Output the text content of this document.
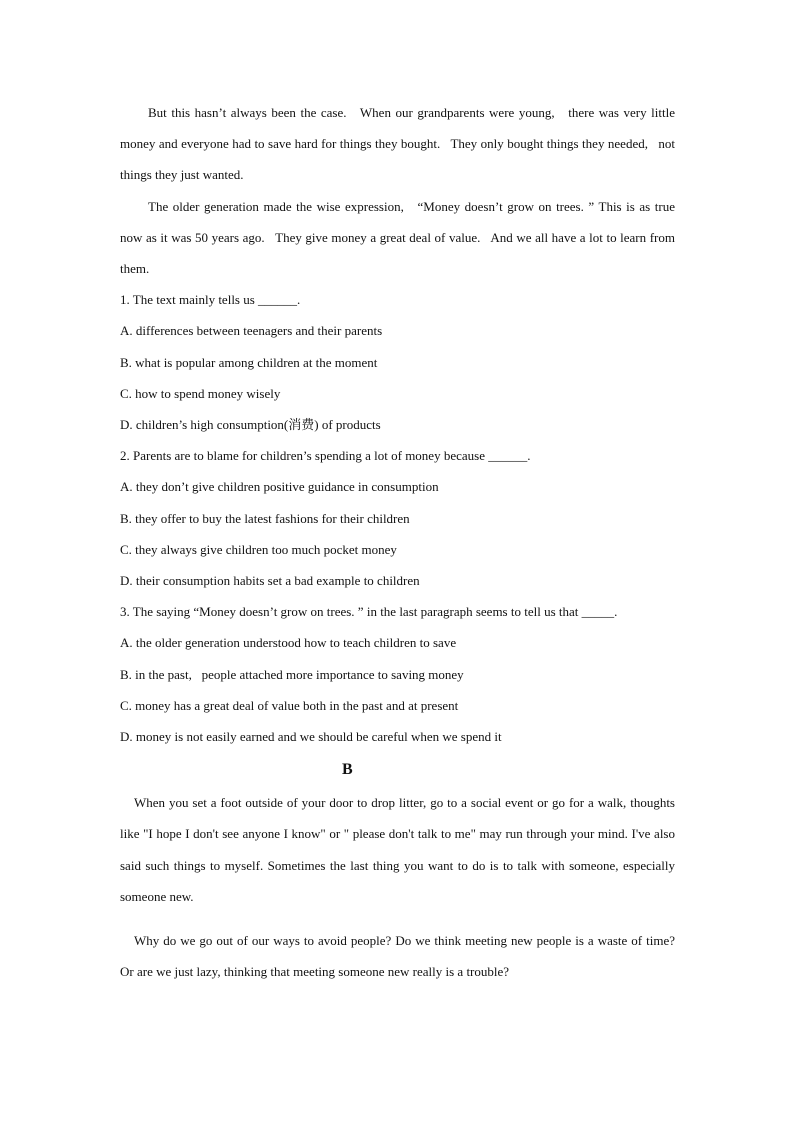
But this hasn’t always been the case.   When our grandparents were young,   there was very little money and everyone had to save hard for things they bought.   They only bought things they needed,   not things they just wanted.
The older generation made the wise expression,   “Money doesn’t grow on trees. ” This is as true now as it was 50 years ago.   They give money a great deal of value.   And we all have a lot to learn from them.
1. The text mainly tells us ______.
A. differences between teenagers and their parents
B. what is popular among children at the moment
C. how to spend money wisely
D. children’s high consumption(消费) of products
2. Parents are to blame for children’s spending a lot of money because ______.
A. they don’t give children positive guidance in consumption
B. they offer to buy the latest fashions for their children
C. they always give children too much pocket money
D. their consumption habits set a bad example to children
3. The saying “Money doesn’t grow on trees. ” in the last paragraph seems to tell us that _____.
A. the older generation understood how to teach children to save
B. in the past,   people attached more importance to saving money
C. money has a great deal of value both in the past and at present
D. money is not easily earned and we should be careful when we spend it
B
When you set a foot outside of your door to drop litter, go to a social event or go for a walk, thoughts like "I hope I don't see anyone I know" or " please don't talk to me" may run through your mind. I've also said such things to myself. Sometimes the last thing you want to do is to talk with someone, especially someone new.
Why do we go out of our ways to avoid people? Do we think meeting new people is a waste of time? Or are we just lazy, thinking that meeting someone new really is a trouble?
